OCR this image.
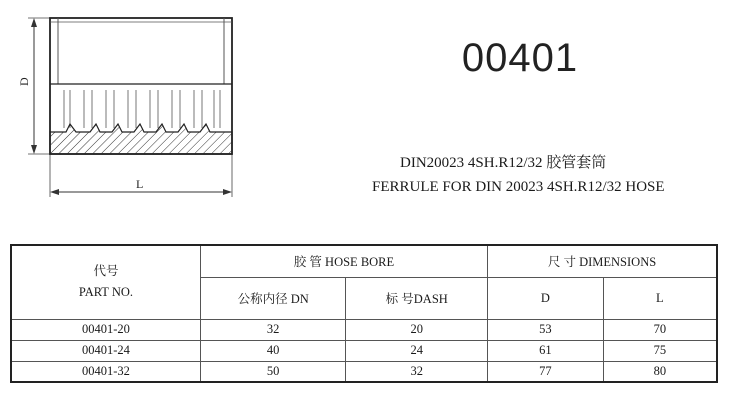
D
L
00401
DIN20023 4SH.R12/32 胶管套筒
FERRULE FOR DIN 20023 4SH.R12/32 HOSE
代号
PART NO.	胶 管 HOSE BORE		尺 寸 DIMENSIONS	
	公称内径 DN	标 号DASH	D	L
00401-20	32	20	53	70
00401-24	40	24	61	75
00401-32	50	32	77	80
